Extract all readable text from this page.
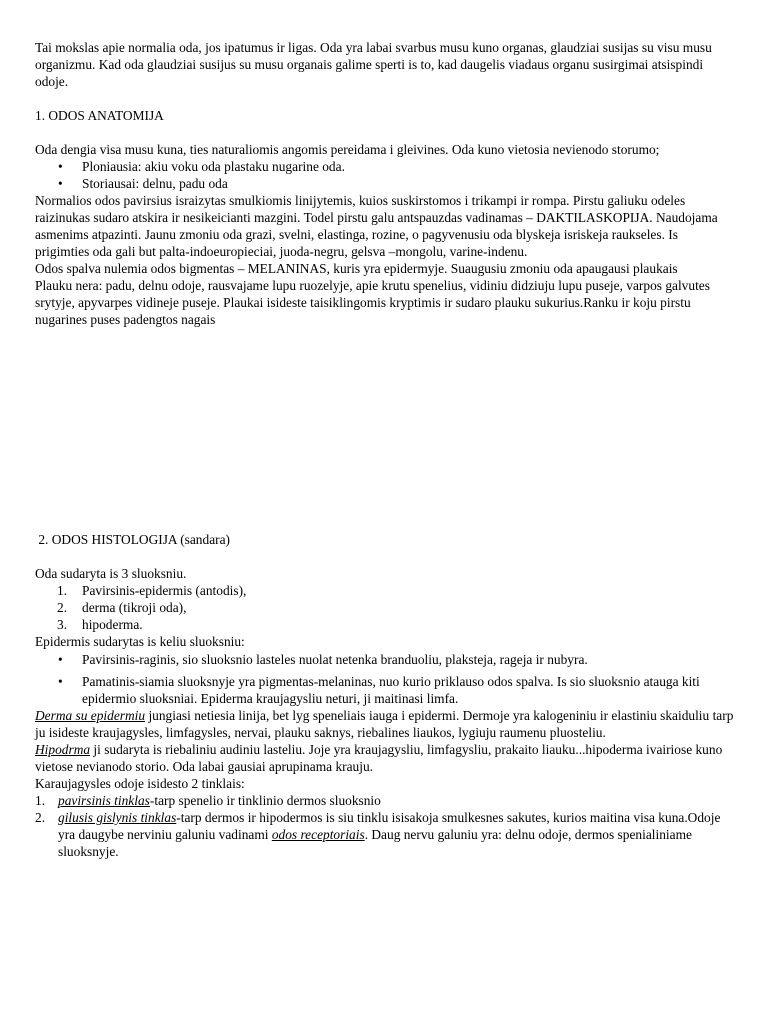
Tai mokslas apie normalia oda, jos ipatumus ir ligas. Oda yra labai svarbus musu kuno organas, glaudziai susijas su visu musu organizmu. Kad oda glaudziai susijus su musu organais galime sperti is to, kad daugelis viadaus organu susirgimai atsispindi odoje.

1. ODOS ANATOMIJA

Oda dengia visa musu kuna, ties naturaliomis angomis pereidama i gleivines. Oda kuno vietosia nevienodo storumo;

• Ploniausia: akiu voku oda plastaku nugarine oda.
• Storiausai: delnu, padu oda

Normalios odos pavirsius israizytas smulkiomis linijytemis, kuios suskirstomos i trikampi ir rompa. Pirstu galiuku odeles raizinukas sudaro atskira ir nesikeicianti mazgini. Todel pirstu galu antspauzdas vadinamas – DAKTILASKOPIJA. Naudojama asmenims atpazinti. Jaunu zmoniu oda grazi, svelni, elastinga, rozine, o pagyvenusiu oda blyskeja isriskeja raukseles. Is prigimties oda gali but palta-indoeuropieciai, juoda-negru, gelsva –mongolu, varine-indenu.

Odos spalva nulemia odos bigmentas – MELANINAS, kuris yra epidermyje. Suaugusiu zmoniu oda apaugausi plaukais

Plauku nera: padu, delnu odoje, rausvajame lupu ruozelyje, apie krutu spenelius, vidiniu didziuju lupu puseje, varpos galvutes srytyje, apyvarpes vidineje puseje. Plaukai isideste taisiklingomis kryptimis ir sudaro plauku sukurius.Ranku ir koju pirstu nugarines puses padengtos nagais

2. ODOS HISTOLOGIJA (sandara)

Oda sudaryta is 3 sluoksniu.

1. Pavirsinis-epidermis (antodis),
2. derma (tikroji oda),
3. hipoderma.

Epidermis sudarytas is keliu sluoksniu:

• Pavirsinis-raginis, sio sluoksnio lasteles nuolat netenka branduoliu, plaksteja, rageja ir nubyra.
• Pamatinis-siamia sluoksnyje yra pigmentas-melaninas, nuo kurio priklauso odos spalva. Is sio sluoksnio atauga kiti epidermio sluoksniai. Epiderma kraujagysliu neturi, ji maitinasi limfa.

Derma su epidermiu jungiasi netiesia linija, bet lyg speneliais iauga i epidermi. Dermoje yra kalogeniniu ir elastiniu skaiduliu tarp ju isideste kraujagysles, limfagysles, nervai, plauku saknys, riebalines liaukos, lygiuju raumenu pluosteliu.

Hipodrma ji sudaryta is riebaliniu audiniu lasteliu. Joje yra kraujagysliu, limfagysliu, prakaito liauku...hipoderma ivairiose kuno vietose nevianodo storio. Oda labai gausiai aprupinama krauju.

Karaujagysles odoje isidesto 2 tinklais:

1. pavirsinis tinklas-tarp spenelio ir tinklinio dermos sluoksnio
2. gilusis gislynis tinklas-tarp dermos ir hipodermos is siu tinklu isisakoja smulkesnes sakutes, kurios maitina visa kuna.Odoje yra daugybe nerviniu galuniu vadinami odos receptoriais. Daug nervu galuniu yra: delnu odoje, dermos spenialiniame sluoksnyje.
